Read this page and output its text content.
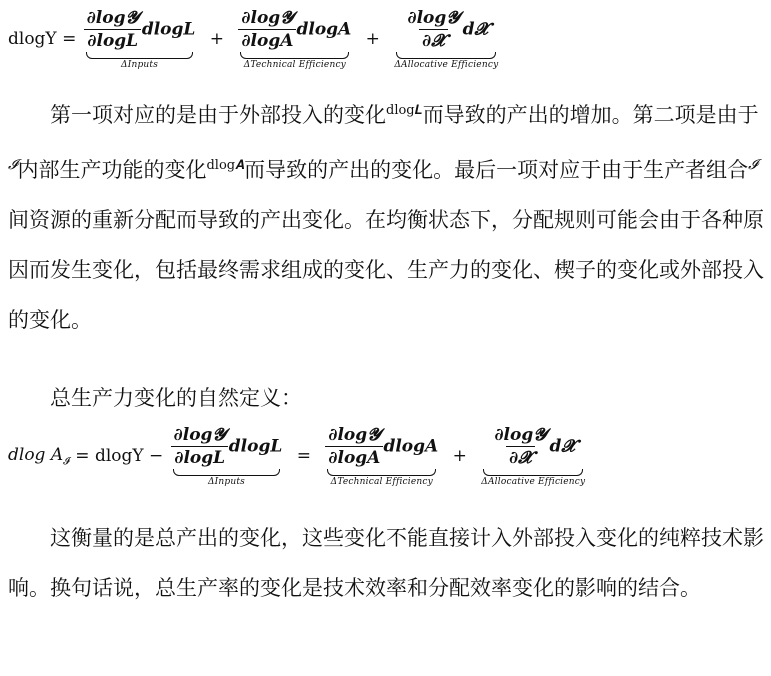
$dlogY = \frac{\text{∂log𝓨}}{\text{∂log𝑳}}$ dlog𝑳
ΔInputs
+ $\frac{\text{∂log𝓨}}{\text{∂log𝑨}}$ dlog𝑨
ΔTechnical Efficiency
+ $\frac{\text{∂log𝓨}}{\text{∂𝓧}}$ d𝓧
ΔAllocative Efficiency

第一项对应的是由于外部投入的变化$^{dlog𝑳}$而导致的产出的增加。第二项是由于$^𝓘$内部生产功能的变化$^{dlog𝑨}$而导致的产出的变化。最后一项对应于由于生产者组合$^𝓘$间资源的重新分配而导致的产出变化。在均衡状态下，分配规则可能会由于各种原因而发生变化，包括最终需求组成的变化、生产力的变化、楔子的变化或外部投入的变化。

总生产力变化的自然定义：

dlog $A_𝓘 = dlogY - \frac{\text{∂log𝓨}}{\text{∂log𝑳}}$ dlog𝑳
ΔInputs
= $\frac{\text{∂log𝓨}}{\text{∂log𝑨}}$ dlog𝑨
ΔTechnical Efficiency
+ $\frac{\text{∂log𝓨}}{\text{∂𝓧}}$ d𝓧
ΔAllocative Efficiency

这衡量的是总产出的变化，这些变化不能直接计入外部投入变化的纯粹技术影响。换句话说，总生产率的变化是技术效率和分配效率变化的影响的结合。
